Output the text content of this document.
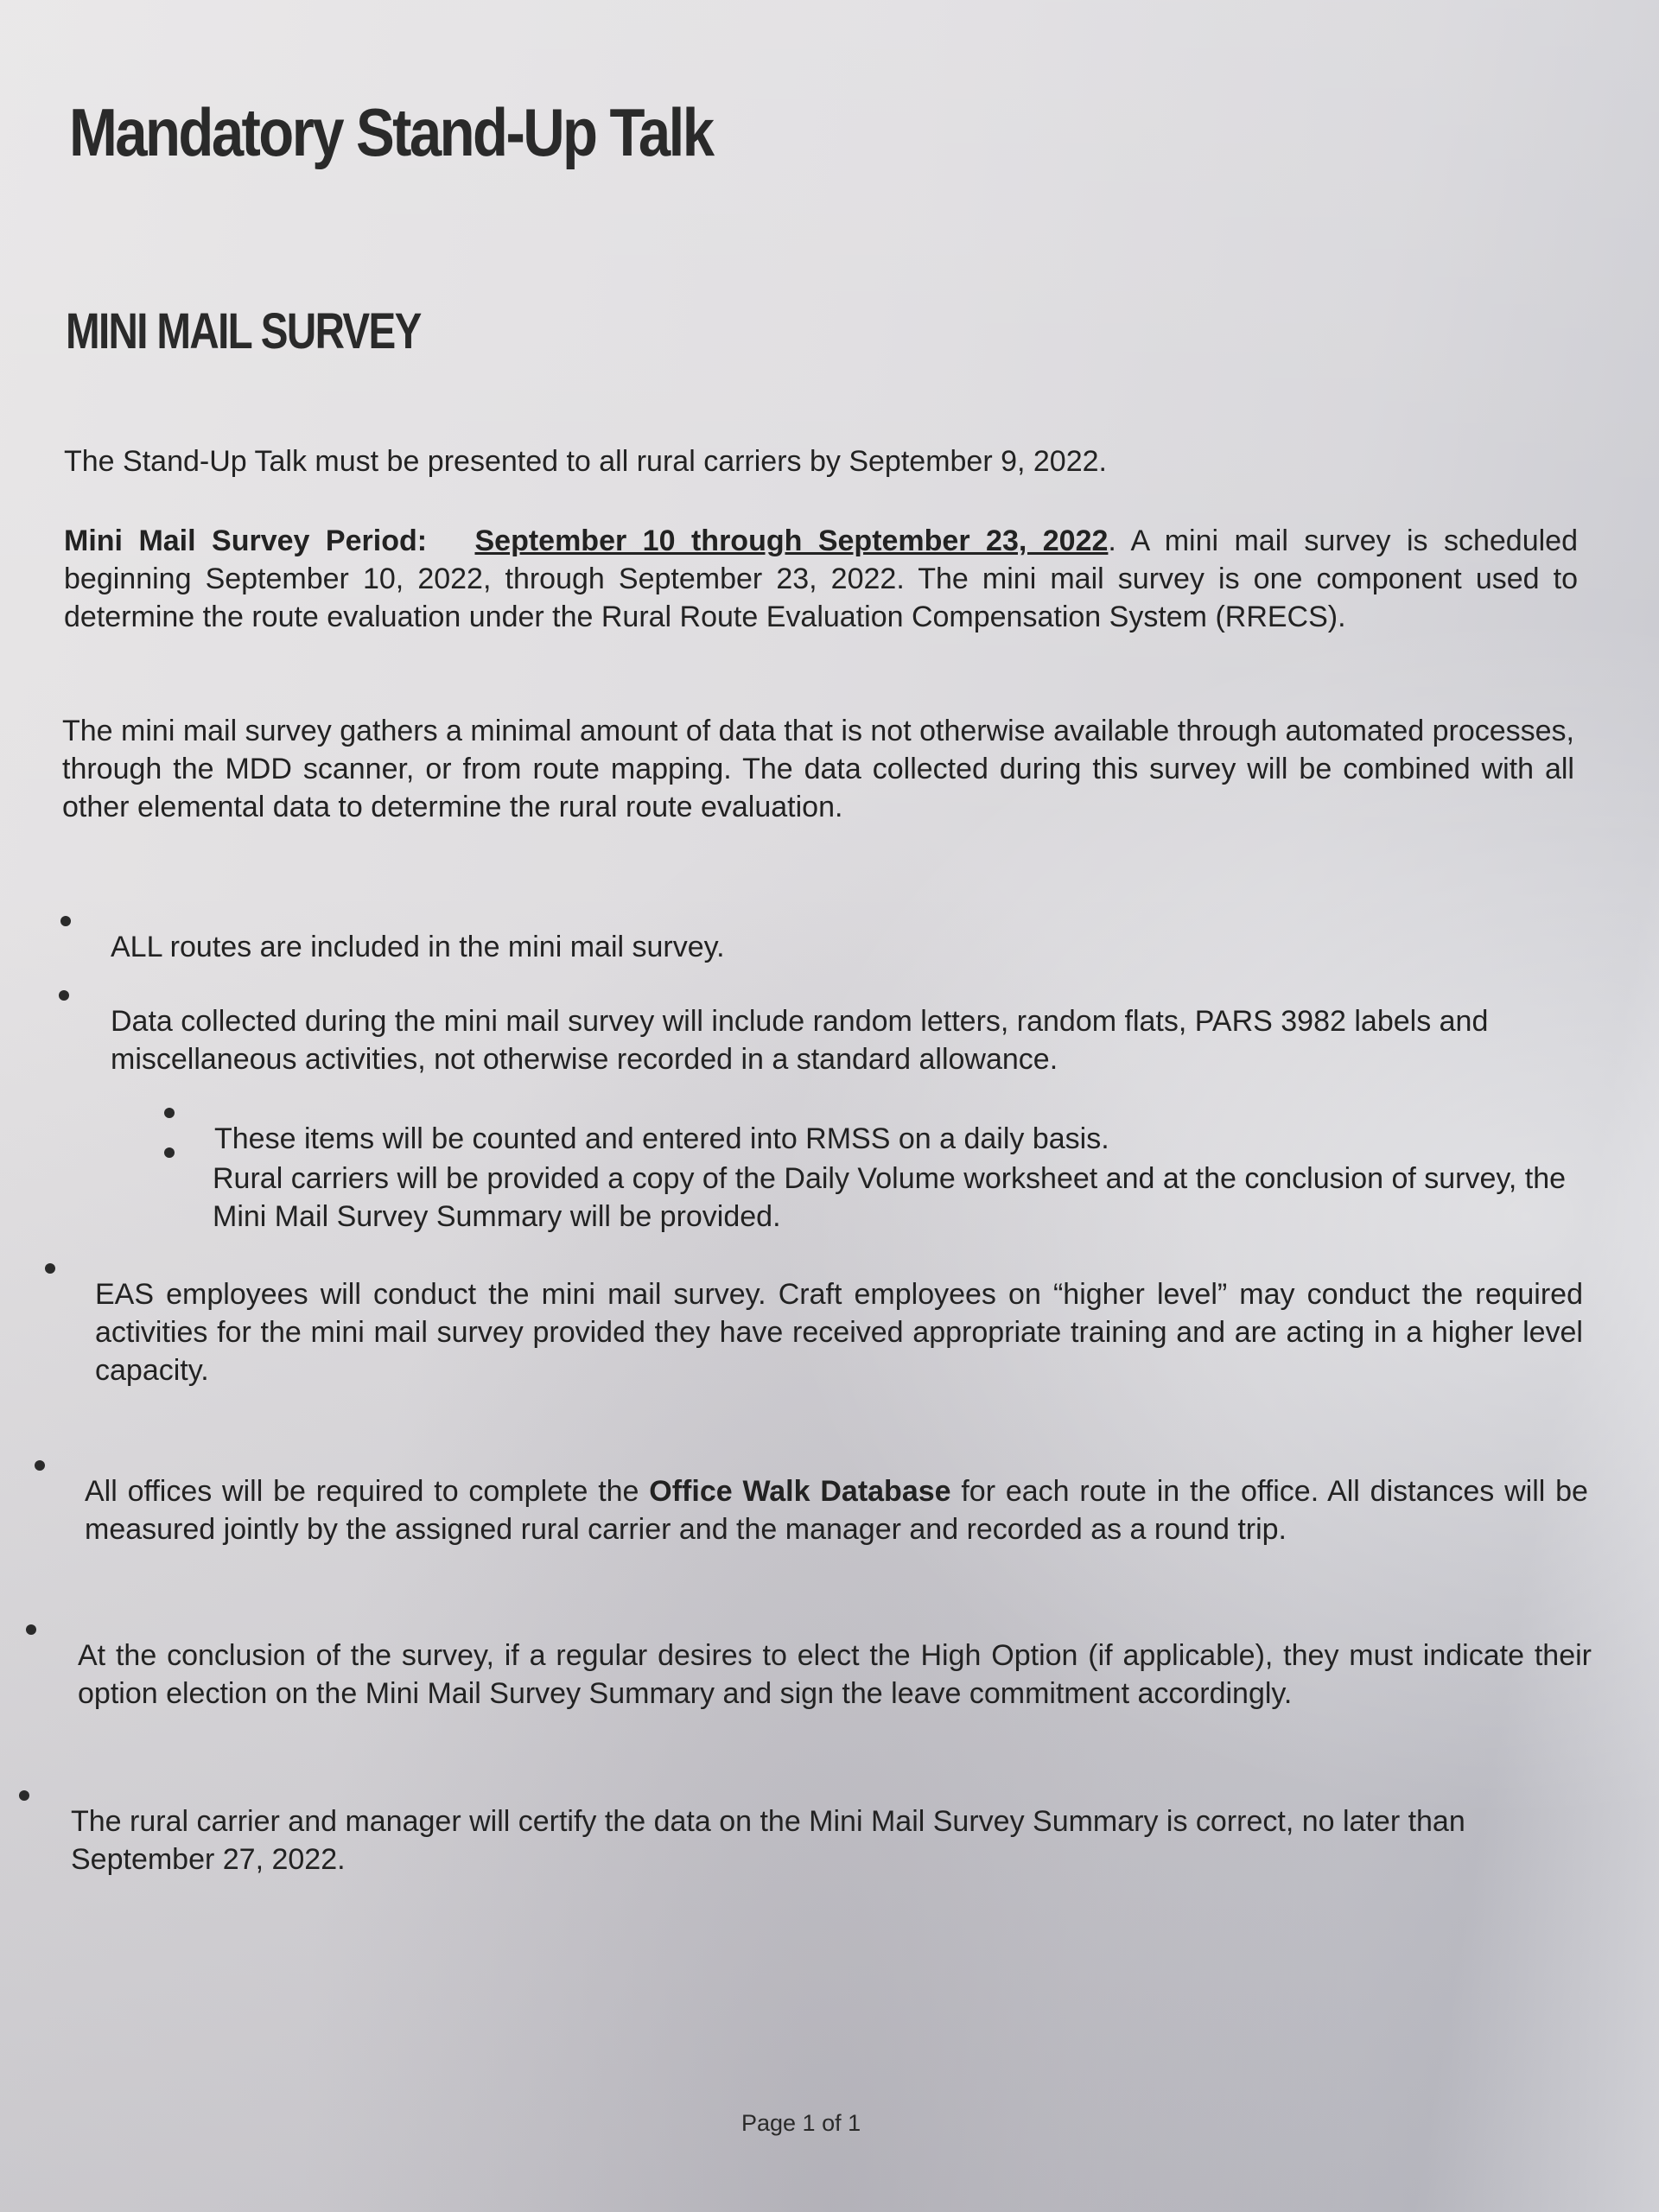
Mandatory Stand-Up Talk
MINI MAIL SURVEY

The Stand-Up Talk must be presented to all rural carriers by September 9, 2022.

Mini Mail Survey Period: September 10 through September 23, 2022. A mini mail survey is scheduled beginning September 10, 2022, through September 23, 2022. The mini mail survey is one component used to determine the route evaluation under the Rural Route Evaluation Compensation System (RRECS).

The mini mail survey gathers a minimal amount of data that is not otherwise available through automated processes, through the MDD scanner, or from route mapping. The data collected during this survey will be combined with all other elemental data to determine the rural route evaluation.

ALL routes are included in the mini mail survey.

Data collected during the mini mail survey will include random letters, random flats, PARS 3982 labels and miscellaneous activities, not otherwise recorded in a standard allowance.

These items will be counted and entered into RMSS on a daily basis.

Rural carriers will be provided a copy of the Daily Volume worksheet and at the conclusion of survey, the Mini Mail Survey Summary will be provided.

EAS employees will conduct the mini mail survey. Craft employees on “higher level” may conduct the required activities for the mini mail survey provided they have received appropriate training and are acting in a higher level capacity.

All offices will be required to complete the Office Walk Database for each route in the office. All distances will be measured jointly by the assigned rural carrier and the manager and recorded as a round trip.

At the conclusion of the survey, if a regular desires to elect the High Option (if applicable), they must indicate their option election on the Mini Mail Survey Summary and sign the leave commitment accordingly.

The rural carrier and manager will certify the data on the Mini Mail Survey Summary is correct, no later than September 27, 2022.

Page 1 of 1
